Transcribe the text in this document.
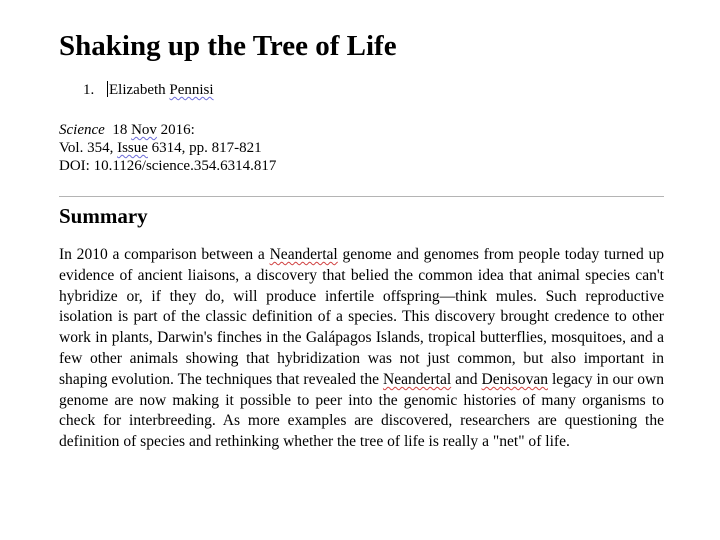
Shaking up the Tree of Life
1. Elizabeth Pennisi
Science 18 Nov 2016:
Vol. 354, Issue 6314, pp. 817-821
DOI: 10.1126/science.354.6314.817
Summary

In 2010 a comparison between a Neandertal genome and genomes from people today turned up evidence of ancient liaisons, a discovery that belied the common idea that animal species can't hybridize or, if they do, will produce infertile offspring—think mules. Such reproductive isolation is part of the classic definition of a species. This discovery brought credence to other work in plants, Darwin's finches in the Galápagos Islands, tropical butterflies, mosquitoes, and a few other animals showing that hybridization was not just common, but also important in shaping evolution. The techniques that revealed the Neandertal and Denisovan legacy in our own genome are now making it possible to peer into the genomic histories of many organisms to check for interbreeding. As more examples are discovered, researchers are questioning the definition of species and rethinking whether the tree of life is really a "net" of life.
